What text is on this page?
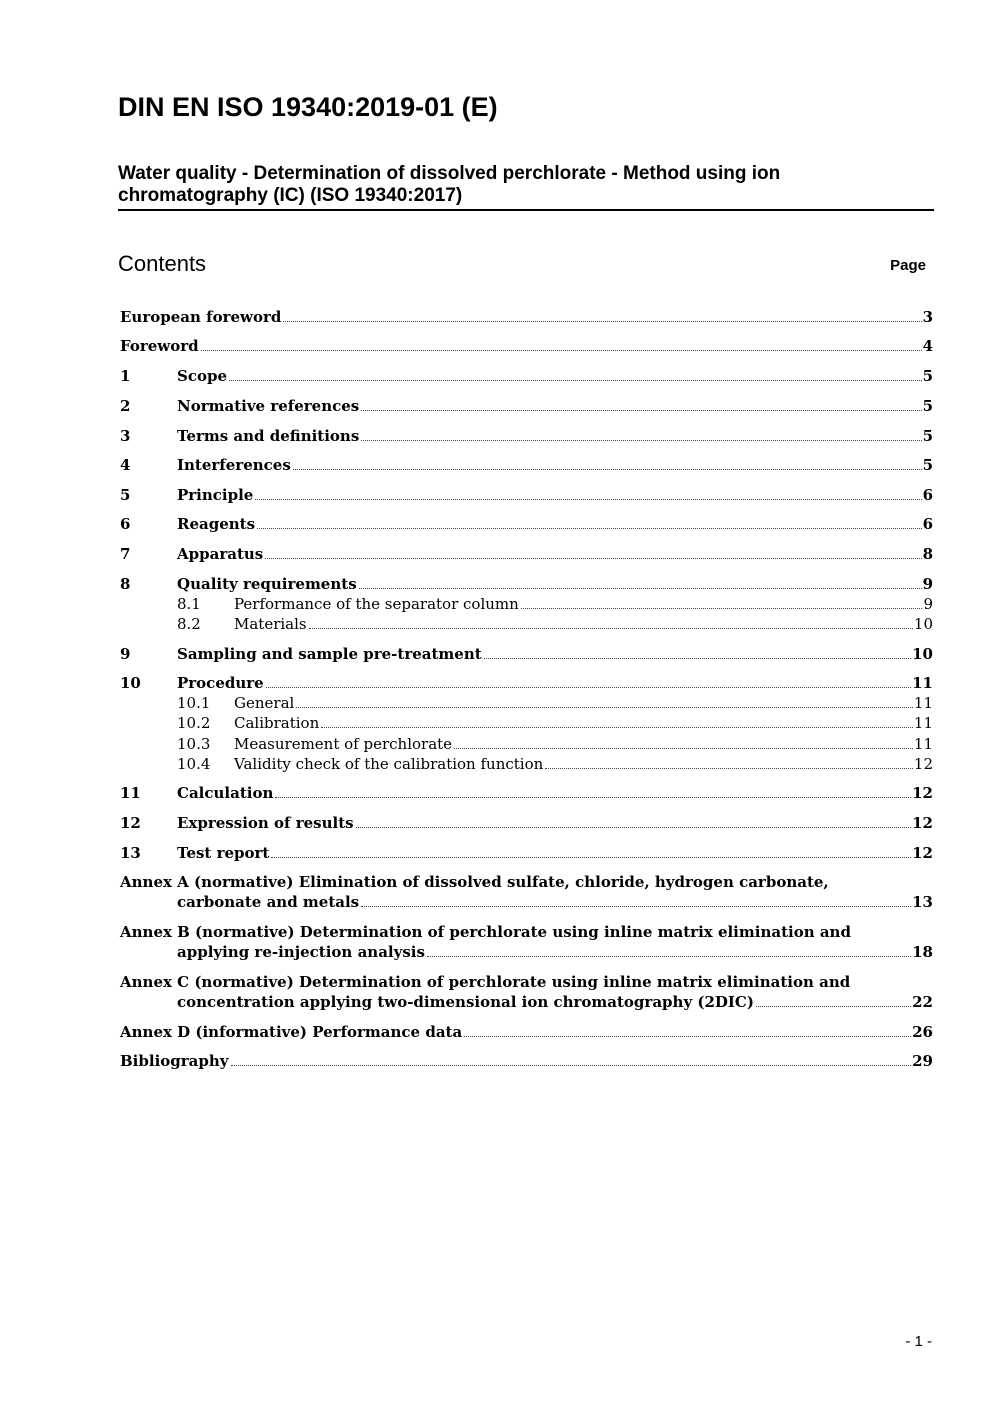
DIN EN ISO 19340:2019-01 (E)
Water quality - Determination of dissolved perchlorate - Method using ion
chromatography (IC) (ISO 19340:2017)
Contents	Page
European foreword	3
Foreword	4
1	Scope	5
2	Normative references	5
3	Terms and definitions	5
4	Interferences	5
5	Principle	6
6	Reagents	6
7	Apparatus	8
8	Quality requirements	9
8.1	Performance of the separator column	9
8.2	Materials	10
9	Sampling and sample pre-treatment	10
10	Procedure	11
10.1	General	11
10.2	Calibration	11
10.3	Measurement of perchlorate	11
10.4	Validity check of the calibration function	12
11	Calculation	12
12	Expression of results	12
13	Test report	12
Annex A (normative) Elimination of dissolved sulfate, chloride, hydrogen carbonate,
carbonate and metals	13
Annex B (normative) Determination of perchlorate using inline matrix elimination and
applying re-injection analysis	18
Annex C (normative) Determination of perchlorate using inline matrix elimination and
concentration applying two-dimensional ion chromatography (2DIC)	22
Annex D (informative) Performance data	26
Bibliography	29
- 1 -
